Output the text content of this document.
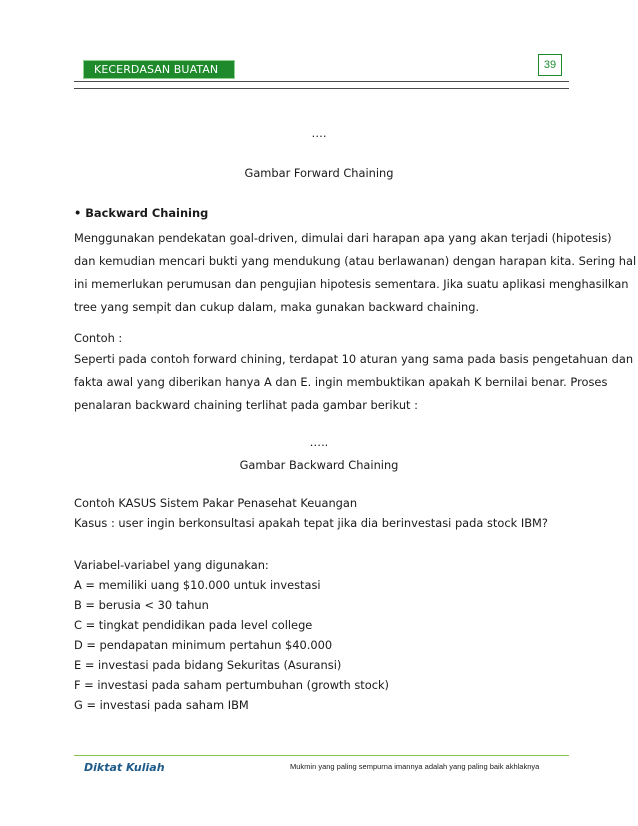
KECERDASAN BUATAN	39
….
Gambar Forward Chaining
• Backward Chaining
Menggunakan pendekatan goal-driven, dimulai dari harapan apa yang akan terjadi (hipotesis)
dan kemudian mencari bukti yang mendukung (atau berlawanan) dengan harapan kita. Sering hal
ini memerlukan perumusan dan pengujian hipotesis sementara. Jika suatu aplikasi menghasilkan
tree yang sempit dan cukup dalam, maka gunakan backward chaining.
Contoh :
Seperti pada contoh forward chining, terdapat 10 aturan yang sama pada basis pengetahuan dan
fakta awal yang diberikan hanya A dan E. ingin membuktikan apakah K bernilai benar. Proses
penalaran backward chaining terlihat pada gambar berikut :
…..
Gambar Backward Chaining
Contoh KASUS Sistem Pakar Penasehat Keuangan
Kasus : user ingin berkonsultasi apakah tepat jika dia berinvestasi pada stock IBM?
Variabel-variabel yang digunakan:
A = memiliki uang $10.000 untuk investasi
B = berusia < 30 tahun
C = tingkat pendidikan pada level college
D = pendapatan minimum pertahun $40.000
E = investasi pada bidang Sekuritas (Asuransi)
F = investasi pada saham pertumbuhan (growth stock)
G = investasi pada saham IBM
Diktat Kuliah	Mukmin yang paling sempurna imannya adalah yang paling baik akhlaknya
